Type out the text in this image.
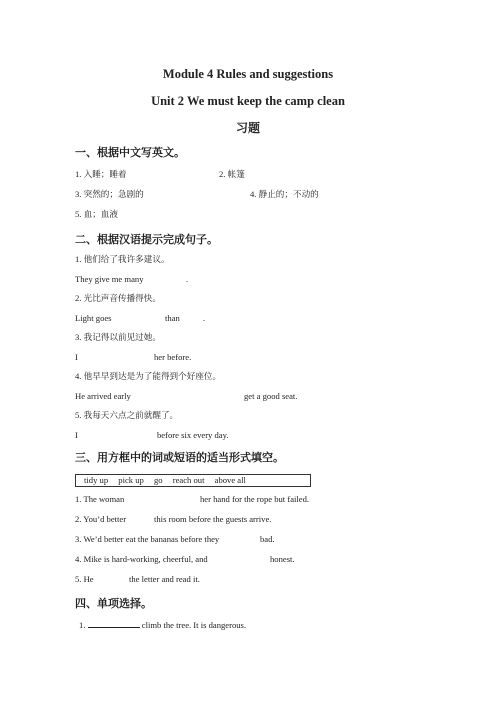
Module 4 Rules and suggestions
Unit 2 We must keep the camp clean
习题
一、根据中文写英文。
1. 入睡；睡着	2. 帐篷
3. 突然的；急剧的	4. 静止的；不动的
5. 血；血液
二、根据汉语提示完成句子。
1. 他们给了我许多建议。
They give me many	.
2. 光比声音传播得快。
Light goes	than	.
3. 我记得以前见过她。
I	her before.
4. 他早早到达是为了能得到个好座位。
He arrived early	get a good seat.
5. 我每天六点之前就醒了。
I	before six every day.
三、用方框中的词或短语的适当形式填空。
tidy up pick up go reach out above all
1. The woman	her hand for the rope but failed.
2. You’d better	this room before the guests arrive.
3. We’d better eat the bananas before they	bad.
4. Mike is hard-working, cheerful, and	honest.
5. He	the letter and read it.
四、单项选择。
1.	climb the tree. It is dangerous.
